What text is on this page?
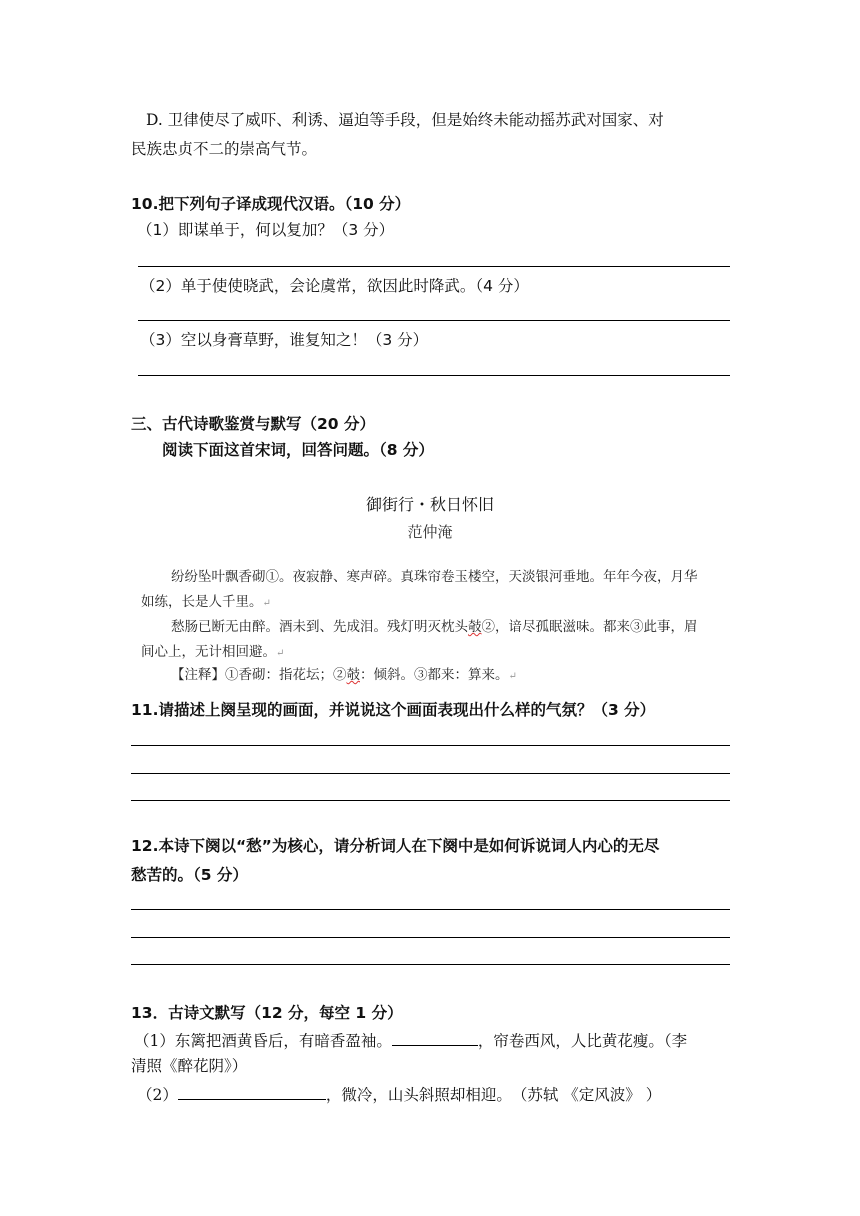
D. 卫律使尽了威吓、利诱、逼迫等手段，但是始终未能动摇苏武对国家、对
民族忠贞不二的崇高气节。
10.把下列句子译成现代汉语。（10 分）
（1）即谋单于，何以复加？（3 分）
（2）单于使使晓武，会论虞常，欲因此时降武。（4 分）
（3）空以身膏草野，谁复知之！（3 分）
三、古代诗歌鉴赏与默写（20 分）
阅读下面这首宋词，回答问题。（8 分）
御街行・秋日怀旧
范仲淹
纷纷坠叶飘香砌①。夜寂静、寒声碎。真珠帘卷玉楼空，天淡银河垂地。年年今夜，月华
如练，长是人千里。↵
愁肠已断无由醉。酒未到、先成泪。残灯明灭枕头攲②，谙尽孤眠滋味。都来③此事，眉
间心上，无计相回避。↵
【注释】①香砌：指花坛；②攲：倾斜。③都来：算来。↵
11.请描述上阕呈现的画面，并说说这个画面表现出什么样的气氛？（3 分）
12.本诗下阕以“愁”为核心，请分析词人在下阕中是如何诉说词人内心的无尽
愁苦的。（5 分）
13．古诗文默写（12 分，每空 1 分）
（1）东篱把酒黄昏后，有暗香盈袖。	，帘卷西风，人比黄花瘦。（李
清照《醉花阴》）
（2）	，微冷，山头斜照却相迎。　（苏轼 《定风波》 ）
